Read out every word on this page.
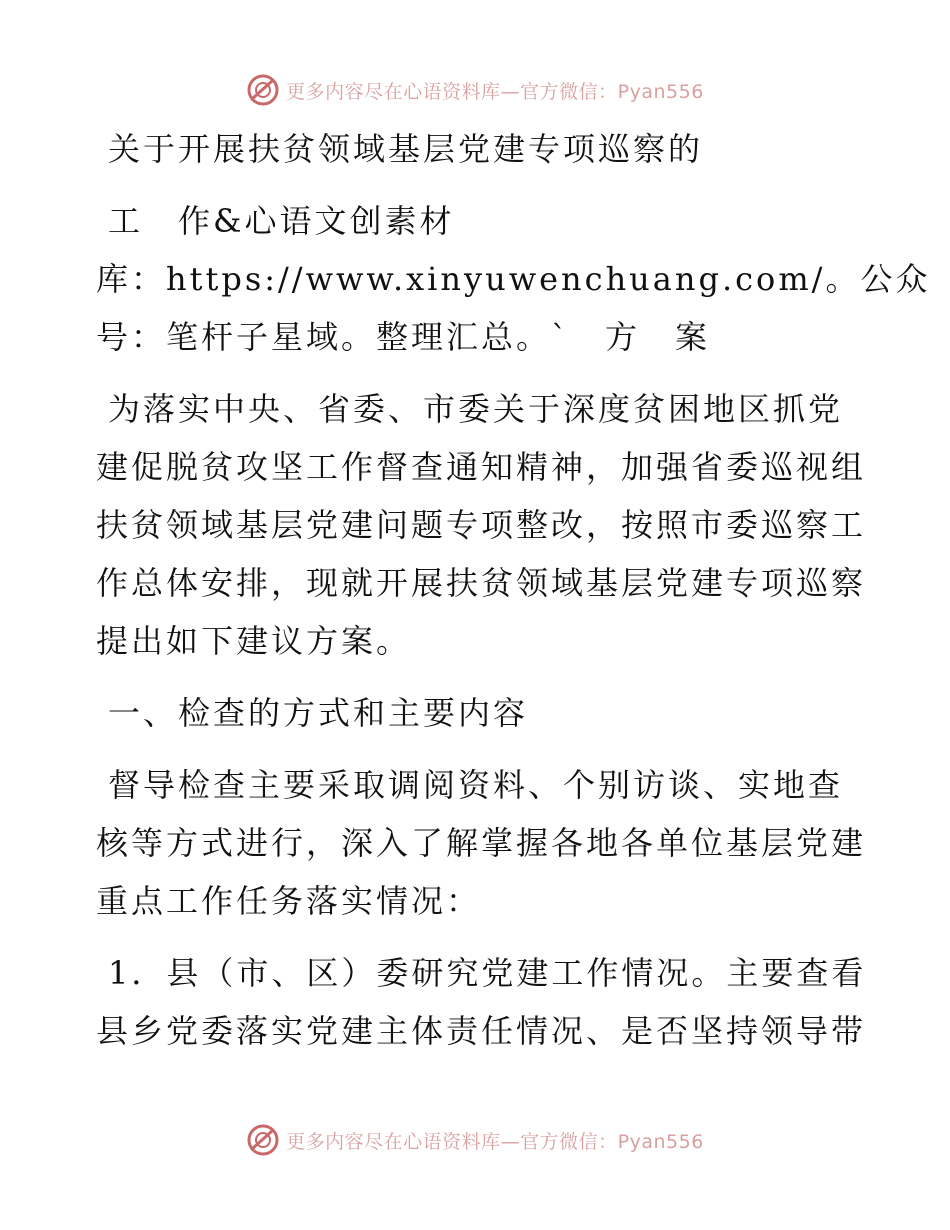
更多内容尽在心语资料库—官方微信：Pyan556
关于开展扶贫领域基层党建专项巡察的
工　作&心语文创素材
库：https://www.xinyuwenchuang.com/。公众
号：笔杆子星域。整理汇总。`　方　案
为落实中央、省委、市委关于深度贫困地区抓党
建促脱贫攻坚工作督查通知精神，加强省委巡视组
扶贫领域基层党建问题专项整改，按照市委巡察工
作总体安排，现就开展扶贫领域基层党建专项巡察
提出如下建议方案。
一、检查的方式和主要内容
督导检查主要采取调阅资料、个别访谈、实地查
核等方式进行，深入了解掌握各地各单位基层党建
重点工作任务落实情况：
1．县（市、区）委研究党建工作情况。主要查看
县乡党委落实党建主体责任情况、是否坚持领导带
更多内容尽在心语资料库—官方微信：Pyan556
